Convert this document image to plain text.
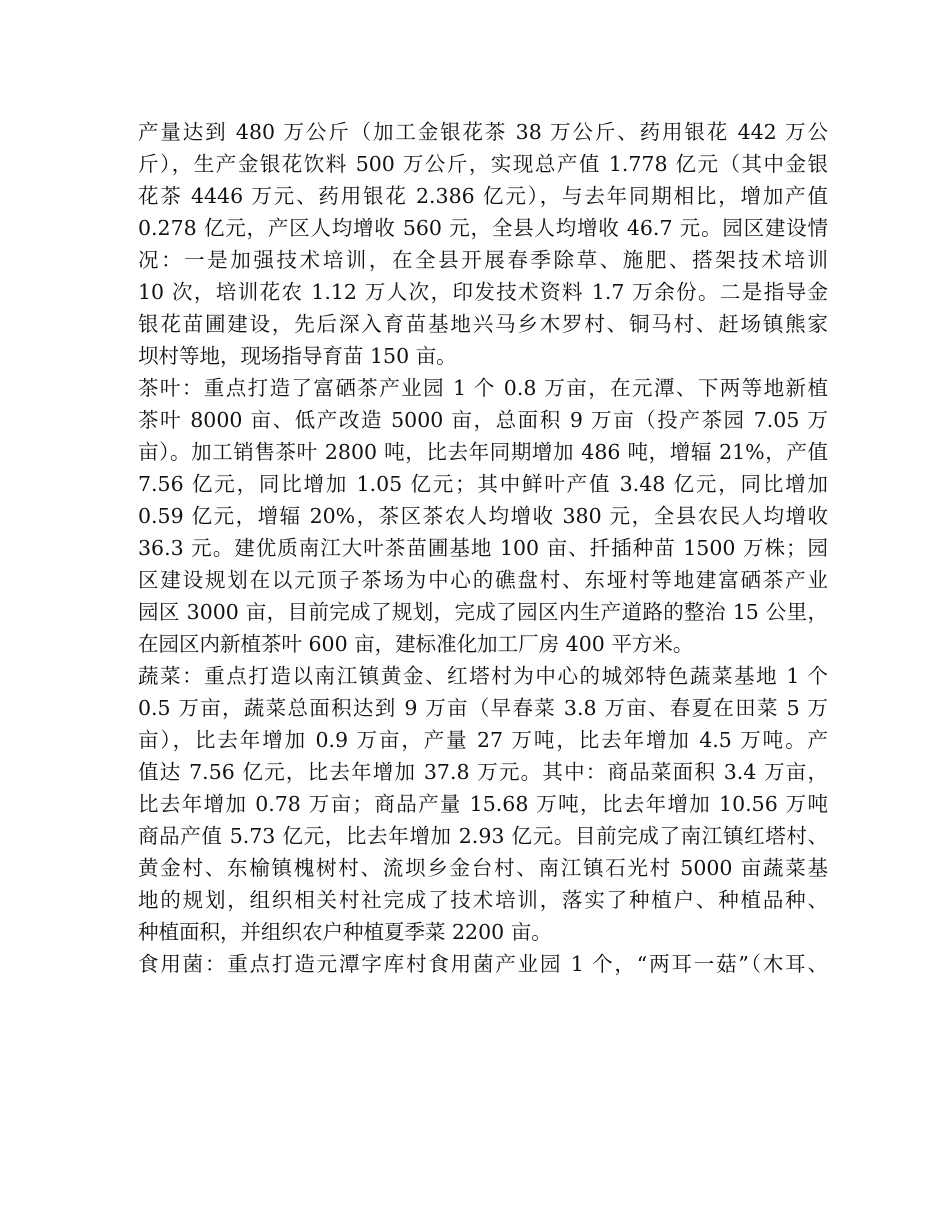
产量达到 480 万公斤（加工金银花茶 38 万公斤、药用银花 442 万公
斤），生产金银花饮料 500 万公斤，实现总产值 1.778 亿元（其中金银
花茶 4446 万元、药用银花 2.386 亿元），与去年同期相比，增加产值
0.278 亿元，产区人均增收 560 元，全县人均增收 46.7 元。园区建设情
况：一是加强技术培训，在全县开展春季除草、施肥、搭架技术培训
10 次，培训花农 1.12 万人次，印发技术资料 1.7 万余份。二是指导金
银花苗圃建设，先后深入育苗基地兴马乡木罗村、铜马村、赶场镇熊家
坝村等地，现场指导育苗 150 亩。
茶叶：重点打造了富硒茶产业园 1 个 0.8 万亩，在元潭、下两等地新植
茶叶 8000 亩、低产改造 5000 亩，总面积 9 万亩（投产茶园 7.05 万
亩）。加工销售茶叶 2800 吨，比去年同期增加 486 吨，增辐 21%，产值
7.56 亿元，同比增加 1.05 亿元；其中鲜叶产值 3.48 亿元，同比增加
0.59 亿元，增辐 20%，茶区茶农人均增收 380 元，全县农民人均增收
36.3 元。建优质南江大叶茶苗圃基地 100 亩、扦插种苗 1500 万株；园
区建设规划在以元顶子茶场为中心的礁盘村、东垭村等地建富硒茶产业
园区 3000 亩，目前完成了规划，完成了园区内生产道路的整治 15 公里，
在园区内新植茶叶 600 亩，建标准化加工厂房 400 平方米。
蔬菜：重点打造以南江镇黄金、红塔村为中心的城郊特色蔬菜基地 1 个
0.5 万亩，蔬菜总面积达到 9 万亩（早春菜 3.8 万亩、春夏在田菜 5 万
亩），比去年增加 0.9 万亩，产量 27 万吨，比去年增加 4.5 万吨。产
值达 7.56 亿元，比去年增加 37.8 万元。其中：商品菜面积 3.4 万亩，
比去年增加 0.78 万亩；商品产量 15.68 万吨，比去年增加 10.56 万吨
商品产值 5.73 亿元，比去年增加 2.93 亿元。目前完成了南江镇红塔村、
黄金村、东榆镇槐树村、流坝乡金台村、南江镇石光村 5000 亩蔬菜基
地的规划，组织相关村社完成了技术培训，落实了种植户、种植品种、
种植面积，并组织农户种植夏季菜 2200 亩。
食用菌：重点打造元潭字库村食用菌产业园 1 个，“两耳一菇”（木耳、
